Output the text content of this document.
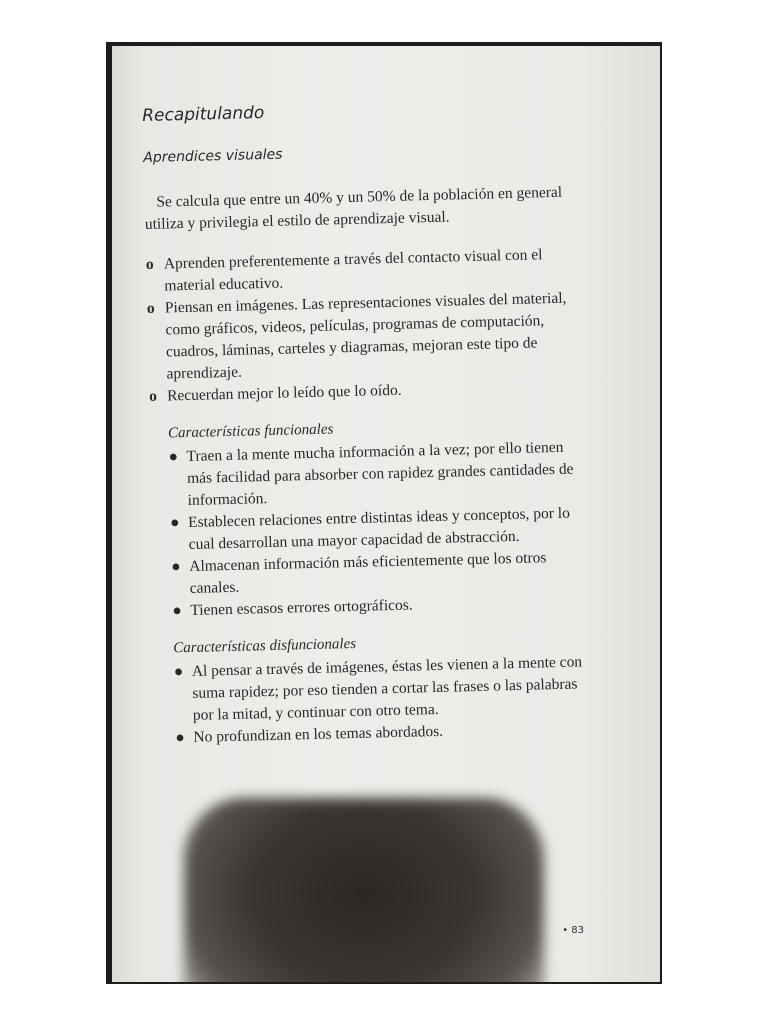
Recapitulando
Aprendices visuales

Se calcula que entre un 40% y un 50% de la población en general utiliza y privilegia el estilo de aprendizaje visual.

o Aprenden preferentemente a través del contacto visual con el material educativo.
o Piensan en imágenes. Las representaciones visuales del material, como gráficos, videos, películas, programas de computación, cuadros, láminas, carteles y diagramas, mejoran este tipo de aprendizaje.
o Recuerdan mejor lo leído que lo oído.
Características funcionales
● Traen a la mente mucha información a la vez; por ello tienen más facilidad para absorber con rapidez grandes cantidades de información.
● Establecen relaciones entre distintas ideas y conceptos, por lo cual desarrollan una mayor capacidad de abstracción.
● Almacenan información más eficientemente que los otros canales.
● Tienen escasos errores ortográficos.
Características disfuncionales
● Al pensar a través de imágenes, éstas les vienen a la mente con suma rapidez; por eso tienden a cortar las frases o las palabras por la mitad, y continuar con otro tema.
● No profundizan en los temas abordados.
• 83
